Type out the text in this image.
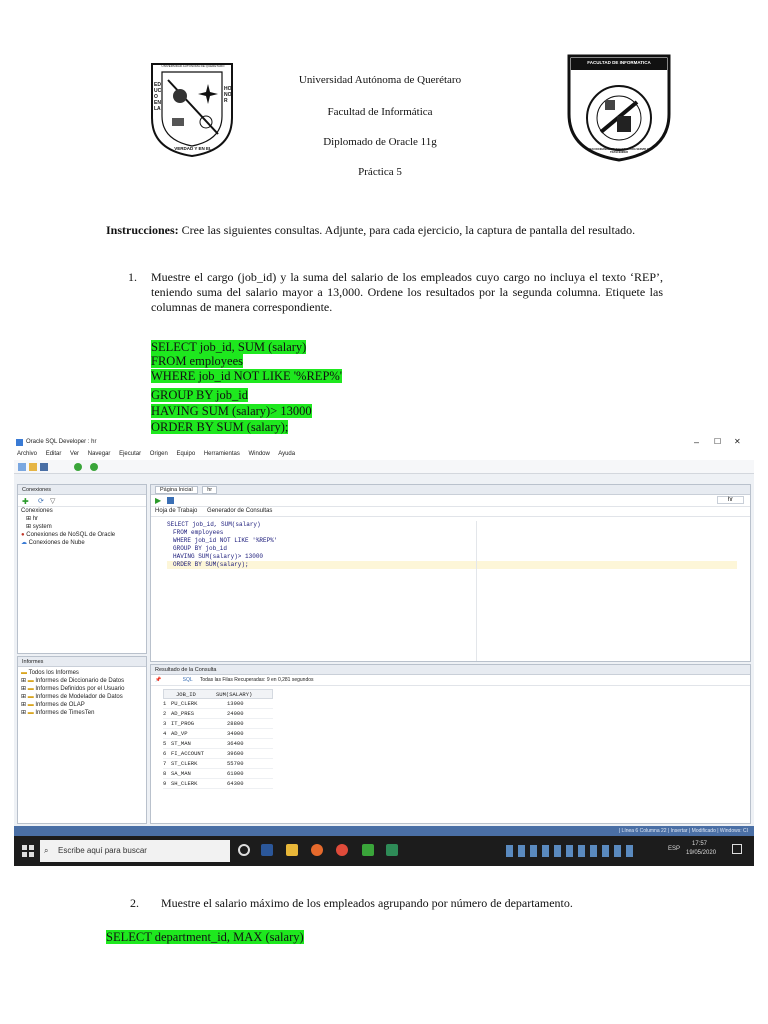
UNIVERSIDAD AUTONOMA DE QUERETARO
EDUCO EN LA
HONOR
VERDAD Y EN EL
Universidad Autónoma de Querétaro
Facultad de Informática
Diplomado de Oracle 11g
Práctica 5
FACULTAD DE INFORMATICA
RACIOCINANDO TECNOLOGIA PARA SERVIR Y TRASCENDER
Instrucciones: Cree las siguientes consultas. Adjunte, para cada ejercicio, la captura de pantalla del resultado.
1. Muestre el cargo (job_id) y la suma del salario de los empleados cuyo cargo no incluya el texto ‘REP’, teniendo suma del salario mayor a 13,000. Ordene los resultados por la segunda columna. Etiquete las columnas de manera correspondiente.
SELECT job_id, SUM (salary)
FROM employees
WHERE job_id NOT LIKE '%REP%'
GROUP BY job_id
HAVING SUM (salary)> 13000
ORDER BY SUM (salary);
Oracle SQL Developer : hr	– ☐ ✕
Archivo Editar Ver Navegar Ejecutar Origen Equipo Herramientas Window Ayuda
Conexiones
✚ ⟳ ▽
Conexiones
⊞ hr
⊞ system
● Conexiones de NoSQL de Oracle
☁ Conexiones de Nube
Informes
▬ Todos los Informes
⊞ ▬ Informes de Diccionario de Datos
⊞ ▬ Informes Definidos por el Usuario
⊞ ▬ Informes de Modelador de Datos
⊞ ▬ Informes de OLAP
⊞ ▬ Informes de TimesTen
Página Inicial	hr
▶	hr
Hoja de Trabajo Generador de Consultas
SELECT job_id, SUM(salary)
FROM employees
WHERE job_id NOT LIKE '%REP%'
GROUP BY job_id
HAVING SUM(salary)> 13000
ORDER BY SUM(salary);
Resultado de la Consulta
📌	SQL Todas las Filas Recuperadas: 9 en 0,281 segundos
JOB_ID	SUM(SALARY)
1 PU_CLERK	13900
2 AD_PRES	24000
3 IT_PROG	28800
4 AD_VP	34000
5 ST_MAN	36400
6 FI_ACCOUNT	39600
7 ST_CLERK	55700
8 SA_MAN	61000
9 SH_CLERK	64300
| Línea 6 Columna 22 | Insertar | Modificado | Windows: CI
⌕ Escribe aquí para buscar	ESP
17:57
19/05/2020
2. Muestre el salario máximo de los empleados agrupando por número de departamento.
SELECT department_id, MAX (salary)
